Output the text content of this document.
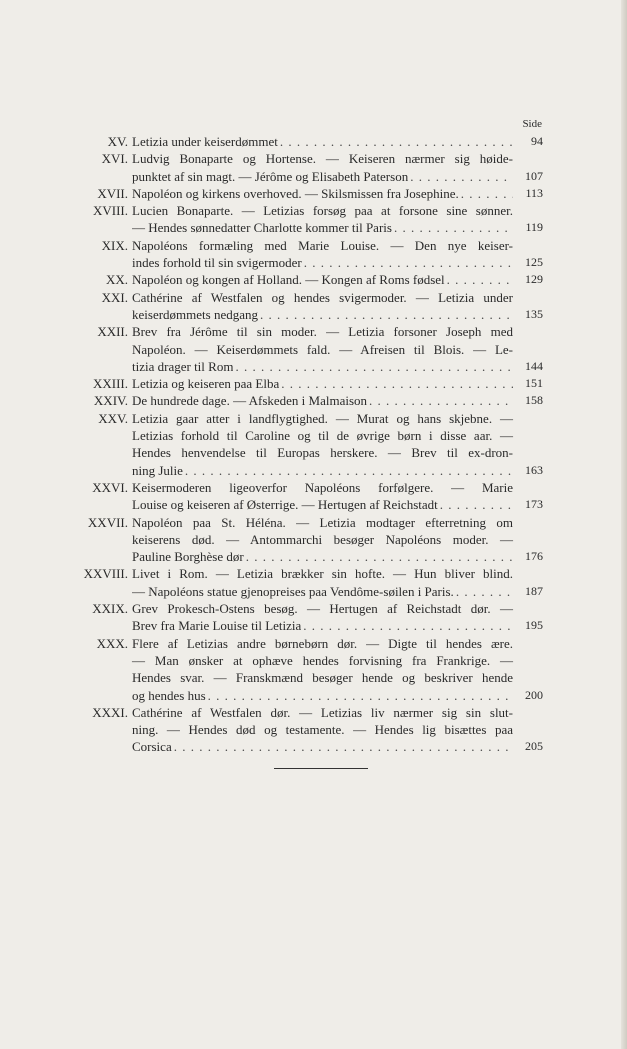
Side
XV. Letizia under keiserdømmet . . .	94
XVI. Ludvig Bonaparte og Hortense. — Keiseren nærmer sig høide-
punktet af sin magt. — Jérôme og Elisabeth Paterson . . .	107
XVII. Napoléon og kirkens overhoved. — Skilsmissen fra Josephine. . . .	113
XVIII. Lucien Bonaparte. — Letizias forsøg paa at forsone sine sønner.
— Hendes sønnedatter Charlotte kommer til Paris . . .	119
XIX. Napoléons formæling med Marie Louise. — Den nye keiser-
indes forhold til sin svigermoder . . .	125
XX. Napoléon og kongen af Holland. — Kongen af Roms fødsel . . .	129
XXI. Cathérine af Westfalen og hendes svigermoder. — Letizia under
keiserdømmets nedgang . . .	135
XXII. Brev fra Jérôme til sin moder. — Letizia forsoner Joseph med
Napoléon. — Keiserdømmets fald. — Afreisen til Blois. — Le-
tizia drager til Rom . . .	144
XXIII. Letizia og keiseren paa Elba . . .	151
XXIV. De hundrede dage. — Afskeden i Malmaison . . .	158
XXV. Letizia gaar atter i landflygtighed. — Murat og hans skjebne. —
Letizias forhold til Caroline og til de øvrige børn i disse aar. —
Hendes henvendelse til Europas herskere. — Brev til ex-dron-
ning Julie . . .	163
XXVI. Keisermoderen ligeoverfor Napoléons forfølgere. — Marie
Louise og keiseren af Østerrige. — Hertugen af Reichstadt . . .	173
XXVII. Napoléon paa St. Héléna. — Letizia modtager efterretning om
keiserens død. — Antommarchi besøger Napoléons moder. —
Pauline Borghèse dør . . .	176
XXVIII. Livet i Rom. — Letizia brækker sin hofte. — Hun bliver blind.
— Napoléons statue gjenopreises paa Vendôme-søilen i Paris. . . .	187
XXIX. Grev Prokesch-Ostens besøg. — Hertugen af Reichstadt dør. —
Brev fra Marie Louise til Letizia . . .	195
XXX. Flere af Letizias andre børnebørn dør. — Digte til hendes ære.
— Man ønsker at ophæve hendes forvisning fra Frankrige. —
Hendes svar. — Franskmænd besøger hende og beskriver hende
og hendes hus . . .	200
XXXI. Cathérine af Westfalen dør. — Letizias liv nærmer sig sin slut-
ning. — Hendes død og testamente. — Hendes lig bisættes paa
Corsica . . .	205
